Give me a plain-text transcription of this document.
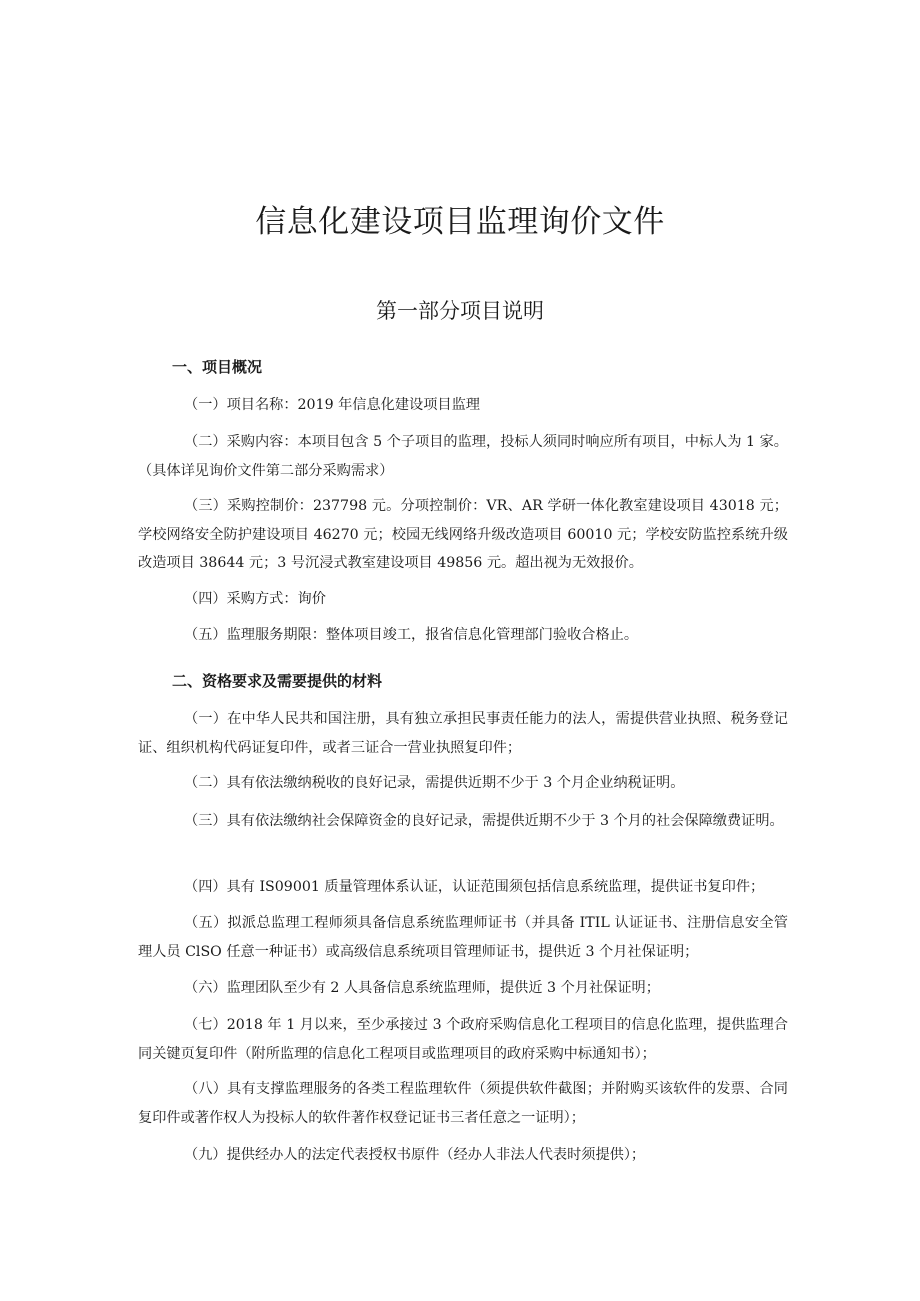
信息化建设项目监理询价文件
第一部分项目说明
一、项目概况

（一）项目名称：2019 年信息化建设项目监理

（二）采购内容：本项目包含 5 个子项目的监理，投标人须同时响应所有项目，中标人为 1 家。（具体详见询价文件第二部分采购需求）

（三）采购控制价：237798 元。分项控制价：VR、AR 学研一体化教室建设项目 43018 元；学校网络安全防护建设项目 46270 元；校园无线网络升级改造项目 60010 元；学校安防监控系统升级改造项目 38644 元；3 号沉浸式教室建设项目 49856 元。超出视为无效报价。

（四）采购方式：询价

（五）监理服务期限：整体项目竣工，报省信息化管理部门验收合格止。

二、资格要求及需要提供的材料

（一）在中华人民共和国注册，具有独立承担民事责任能力的法人，需提供营业执照、税务登记证、组织机构代码证复印件，或者三证合一营业执照复印件；

（二）具有依法缴纳税收的良好记录，需提供近期不少于 3 个月企业纳税证明。

（三）具有依法缴纳社会保障资金的良好记录，需提供近期不少于 3 个月的社会保障缴费证明。

（四）具有 IS09001 质量管理体系认证，认证范围须包括信息系统监理，提供证书复印件；

（五）拟派总监理工程师须具备信息系统监理师证书（并具备 ITIL 认证证书、注册信息安全管理人员 ClSO 任意一种证书）或高级信息系统项目管理师证书，提供近 3 个月社保证明；

（六）监理团队至少有 2 人具备信息系统监理师，提供近 3 个月社保证明；

（七）2018 年 1 月以来，至少承接过 3 个政府采购信息化工程项目的信息化监理，提供监理合同关键页复印件（附所监理的信息化工程项目或监理项目的政府采购中标通知书）；

（八）具有支撑监理服务的各类工程监理软件（须提供软件截图；并附购买该软件的发票、合同复印件或著作权人为投标人的软件著作权登记证书三者任意之一证明）；

（九）提供经办人的法定代表授权书原件（经办人非法人代表时须提供）；
